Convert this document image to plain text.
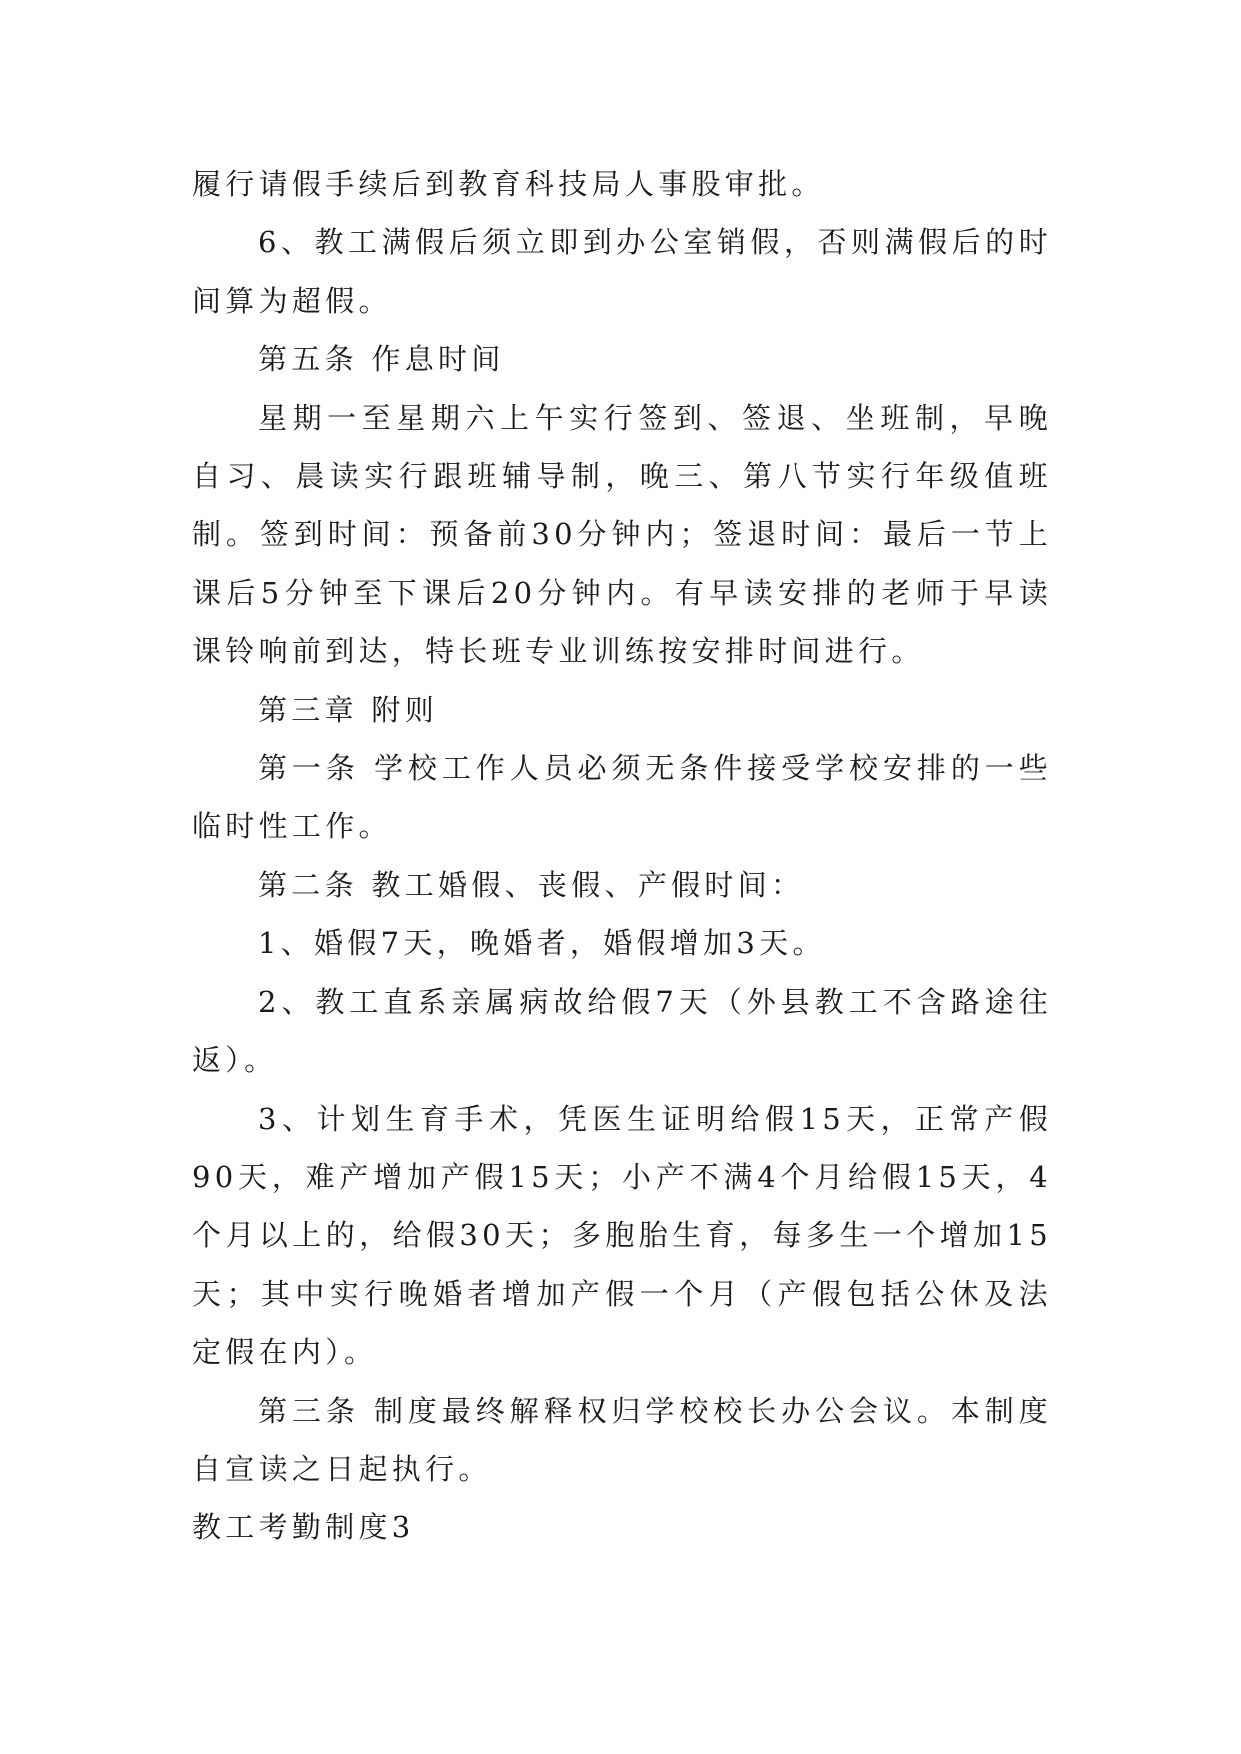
履行请假手续后到教育科技局人事股审批。

6、教工满假后须立即到办公室销假，否则满假后的时间算为超假。

第五条 作息时间

星期一至星期六上午实行签到、签退、坐班制，早晚自习、晨读实行跟班辅导制，晚三、第八节实行年级值班制。签到时间：预备前30分钟内；签退时间：最后一节上课后5分钟至下课后20分钟内。有早读安排的老师于早读课铃响前到达，特长班专业训练按安排时间进行。

第三章 附则

第一条 学校工作人员必须无条件接受学校安排的一些临时性工作。

第二条 教工婚假、丧假、产假时间：

1、婚假7天，晚婚者，婚假增加3天。

2、教工直系亲属病故给假7天（外县教工不含路途往返）。

3、计划生育手术，凭医生证明给假15天，正常产假90天，难产增加产假15天；小产不满4个月给假15天，4个月以上的，给假30天；多胞胎生育，每多生一个增加15天；其中实行晚婚者增加产假一个月（产假包括公休及法定假在内）。

第三条 制度最终解释权归学校校长办公会议。本制度自宣读之日起执行。

教工考勤制度3
